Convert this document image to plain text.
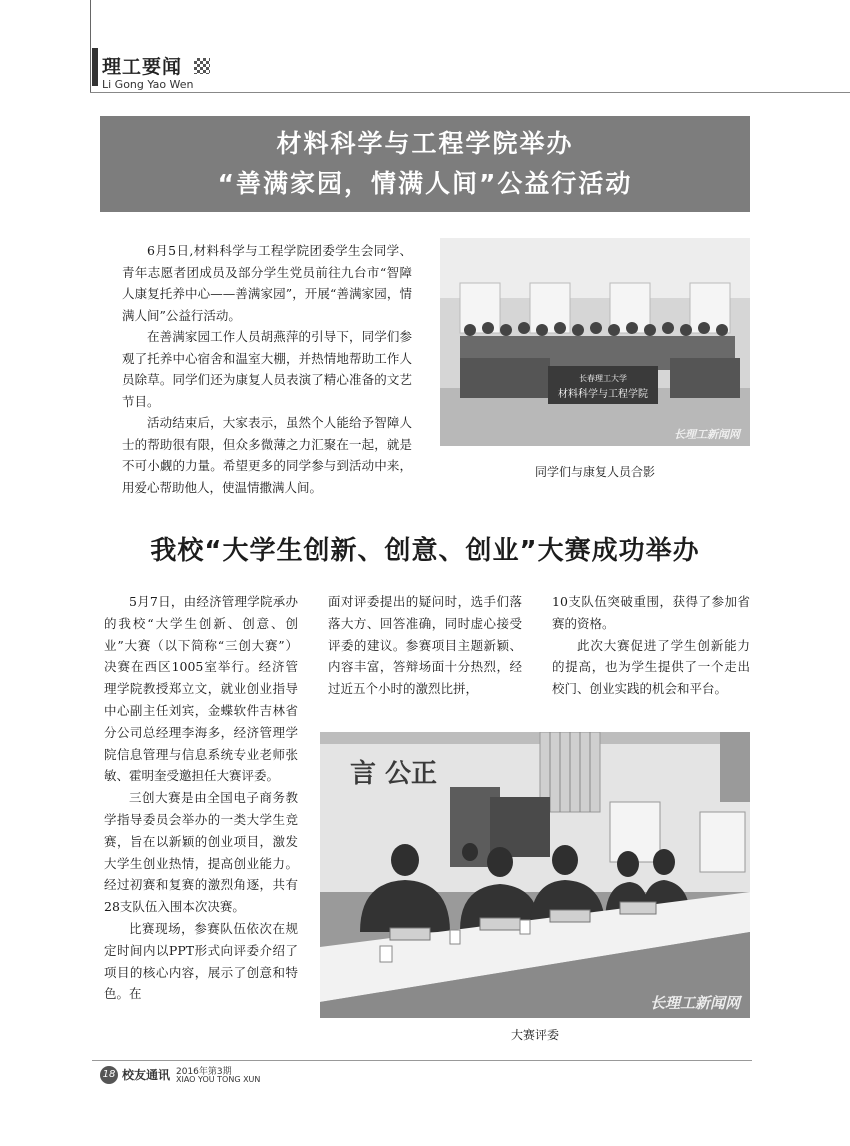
理工要闻
Li Gong Yao Wen
材料科学与工程学院举办
“善满家园，情满人间”公益行活动

6月5日,材料科学与工程学院团委学生会同学、青年志愿者团成员及部分学生党员前往九台市“智障人康复托养中心——善满家园”，开展“善满家园，情满人间”公益行活动。

在善满家园工作人员胡燕萍的引导下，同学们参观了托养中心宿舍和温室大棚，并热情地帮助工作人员除草。同学们还为康复人员表演了精心准备的文艺节目。

活动结束后，大家表示，虽然个人能给予智障人士的帮助很有限，但众多微薄之力汇聚在一起，就是不可小觑的力量。希望更多的同学参与到活动中来，用爱心帮助他人，使温情撒满人间。

长春理工大学
材料科学与工程学院
长理工新闻网
同学们与康复人员合影
我校“大学生创新、创意、创业”大赛成功举办

5月7日，由经济管理学院承办的我校“大学生创新、创意、创业”大赛（以下简称“三创大赛”）决赛在西区1005室举行。经济管理学院教授郑立文，就业创业指导中心副主任刘宾，金蝶软件吉林省分公司总经理李海多，经济管理学院信息管理与信息系统专业老师张敏、霍明奎受邀担任大赛评委。

三创大赛是由全国电子商务教学指导委员会举办的一类大学生竞赛，旨在以新颖的创业项目，激发大学生创业热情，提高创业能力。经过初赛和复赛的激烈角逐，共有28支队伍入围本次决赛。

比赛现场，参赛队伍依次在规定时间内以PPT形式向评委介绍了项目的核心内容，展示了创意和特色。在

面对评委提出的疑问时，选手们落落大方、回答准确，同时虚心接受评委的建议。参赛项目主题新颖、内容丰富，答辩场面十分热烈，经过近五个小时的激烈比拼，

10支队伍突破重围，获得了参加省赛的资格。

此次大赛促进了学生创新能力的提高，也为学生提供了一个走出校门、创业实践的机会和平台。

言 公正
长理工新闻网
大赛评委
18 校友通讯 2016年第3期
XIAO YOU TONG XUN
